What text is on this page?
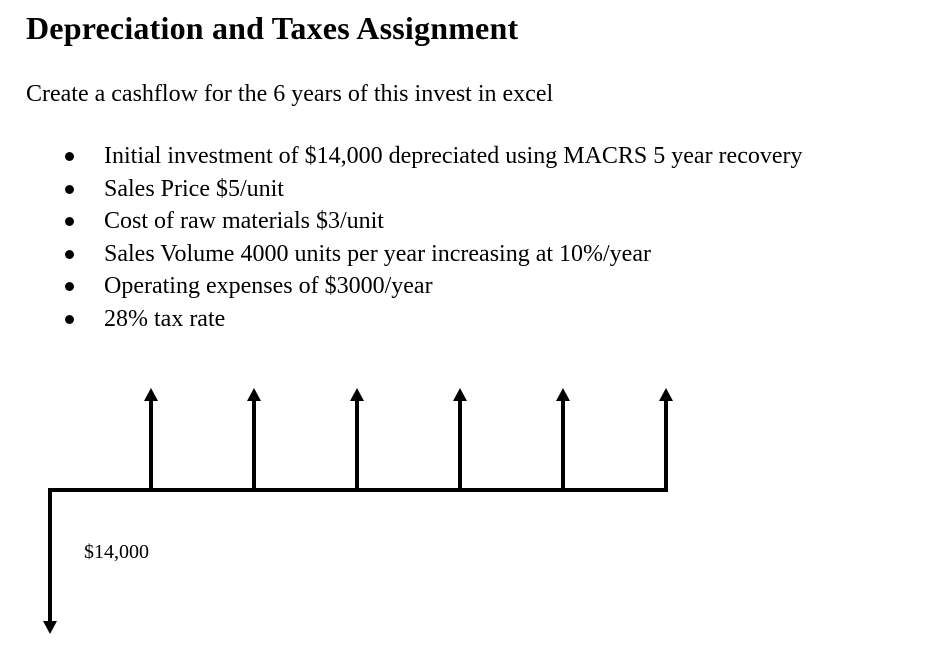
Depreciation and Taxes Assignment

Create a cashflow for the 6 years of this invest in excel

Initial investment of $14,000 depreciated using MACRS 5 year recovery
Sales Price $5/unit
Cost of raw materials $3/unit
Sales Volume 4000 units per year increasing at 10%/year
Operating expenses of $3000/year
28% tax rate
$14,000
